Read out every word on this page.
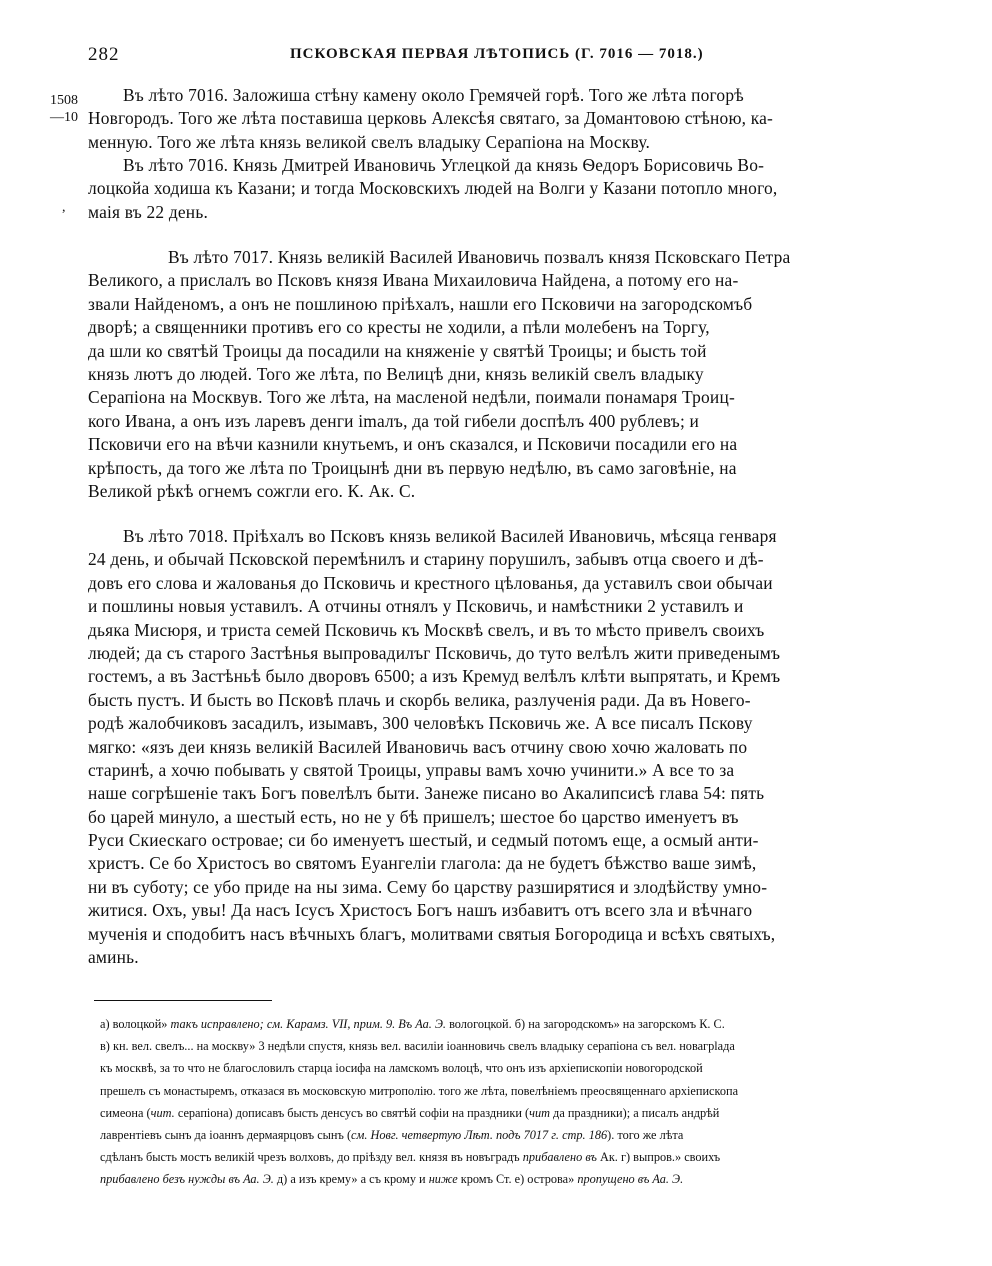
282	ПСКОВСКАЯ ПЕРВАЯ ЛѢТОПИСЬ (Г. 7016 — 7018.)
1508
—10
,
Въ лѣто 7016. Заложиша стѣну камену около Гремячей горѣ. Того же лѣта погорѣ
Новгородъ. Того же лѣта поставиша церковь Алексѣя святаго, за Домантовою стѣною, ка-
менную. Того же лѣта князь великой свелъ владыку Серапiона на Москву.
Въ лѣто 7016. Князь Дмитрей Ивановичь Углецкой да князь Ѳедоръ Борисовичь Во-
лоцкойа ходиша къ Казани; и тогда Московскихъ людей на Волги у Казани потопло много,
маiя въ 22 день.
Въ лѣто 7017. Князь великiй Василей Ивановичь позвалъ князя Псковскаго Петра
Великого, а прислалъ во Псковъ князя Ивана Михаиловича Найдена, а потому его на-
звали Найденомъ, а онъ не пошлиною прiѣхалъ, нашли его Псковичи на загородскомъб
дворѣ; а священники противъ его со кресты не ходили, а пѣли молебенъ на Торгу,
да шли ко святѣй Троицы да посадили на княженiе у святѣй Троицы; и бысть той
князь лютъ до людей. Того же лѣта, по Велицѣ дни, князь великiй свелъ владыку
Серапiона на Москвув. Того же лѣта, на масленой недѣли, поимали понамаря Троиц-
кого Ивана, а онъ изъ ларевъ денги imалъ, да той гибели доспѣлъ 400 рублевъ; и
Псковичи его на вѣчи казнили кнутьемъ, и онъ сказался, и Псковичи посадили его на
крѣпость, да того же лѣта по Троицынѣ дни въ первую недѣлю, въ само заговѣнiе, на
Великой рѣкѣ огнемъ сожгли его. К. Ак. С.
Въ лѣто 7018. Прiѣхалъ во Псковъ князь великой Василей Ивановичь, мѣсяца генваря
24 день, и обычай Псковской перемѣнилъ и старину порушилъ, забывъ отца своего и дѣ-
довъ его слова и жалованья до Псковичь и крестного цѣлованья, да уставилъ свои обычаи
и пошлины новыя уставилъ. А отчины отнялъ у Псковичь, и намѣстники 2 уставилъ и
дьяка Мисюря, и триста семей Псковичь къ Москвѣ свелъ, и въ то мѣсто привелъ своихъ
людей; да съ старого Застѣнья выпровадилъг Псковичь, до туто велѣлъ жити приведенымъ
гостемъ, а въ Застѣньѣ было дворовъ 6500; а изъ Кремуд велѣлъ клѣти выпрятать, и Кремъ
бысть пустъ. И бысть во Псковѣ плачь и скорбь велика, разлученiя ради. Да въ Новего-
родѣ жалобчиковъ засадилъ, изымавъ, 300 человѣкъ Псковичь же. А все писалъ Пскову
мягко: «язъ деи князь великiй Василей Ивановичь васъ отчину свою хочю жаловать по
старинѣ, а хочю побывать у святой Троицы, управы вамъ хочю учинити.» А все то за
наше согрѣшенiе такъ Богъ повелѣлъ быти. Занеже писано во Акалипсисѣ глава 54: пять
бо царей минуло, а шестый есть, но не у бѣ пришелъ; шестое бо царство именуетъ въ
Руси Скиескаго островае; си бо именуетъ шестый, и седмый потомъ еще, а осмый анти-
христъ. Се бо Христосъ во святомъ Еуангелiи глагола: да не будетъ бѣжство ваше зимѣ,
ни въ суботу; се убо приде на ны зима. Сему бо царству разширятися и злодѣйству умно-
житися. Охъ, увы! Да насъ Iсусъ Христосъ Богъ нашъ избавитъ отъ всего зла и вѣчнаго
мученiя и сподобитъ насъ вѣчныхъ благъ, молитвами святыя Богородица и всѣхъ святыхъ,
аминь.
а) волоцкой» такъ исправлено; см. Карамз. VII, прим. 9. Въ Аа. Э. вологоцкой. б) на загородскомъ» на загорскомъ К. С.
в) кн. вел. свелъ... на москву» 3 недѣли спустя, князь вел. василiи iоанновичь свелъ владыку серапiона съ вел. новагрlада
къ москвѣ, за то что не благословилъ старца iосифа на ламскомъ волоцѣ, что онъ изъ архiепископiи новогородской
прешелъ съ монастыремъ, отказася въ московскую митрополiю. того же лѣта, повелѣнiемъ преосвященнаго архiепископа
симеона (чит. серапiона) дописавъ бысть денсусъ во святѣй софiи на праздники (чит да праздники); а писалъ андрѣй
лаврентiевъ сынъ да iоаннъ дермаярцовъ сынъ (см. Новг. четвертую Лѣт. подъ 7017 г. стр. 186). того же лѣта
сдѣланъ бысть мостъ великiй чрезъ волховъ, до прiѣзду вел. князя въ новъградъ прибавлено въ Ак. г) выпров.» своихъ
прибавлено безъ нужды въ Аа. Э. д) а изъ крему» а съ крому и ниже кромъ Ст. е) острова» пропущено въ Аа. Э.
